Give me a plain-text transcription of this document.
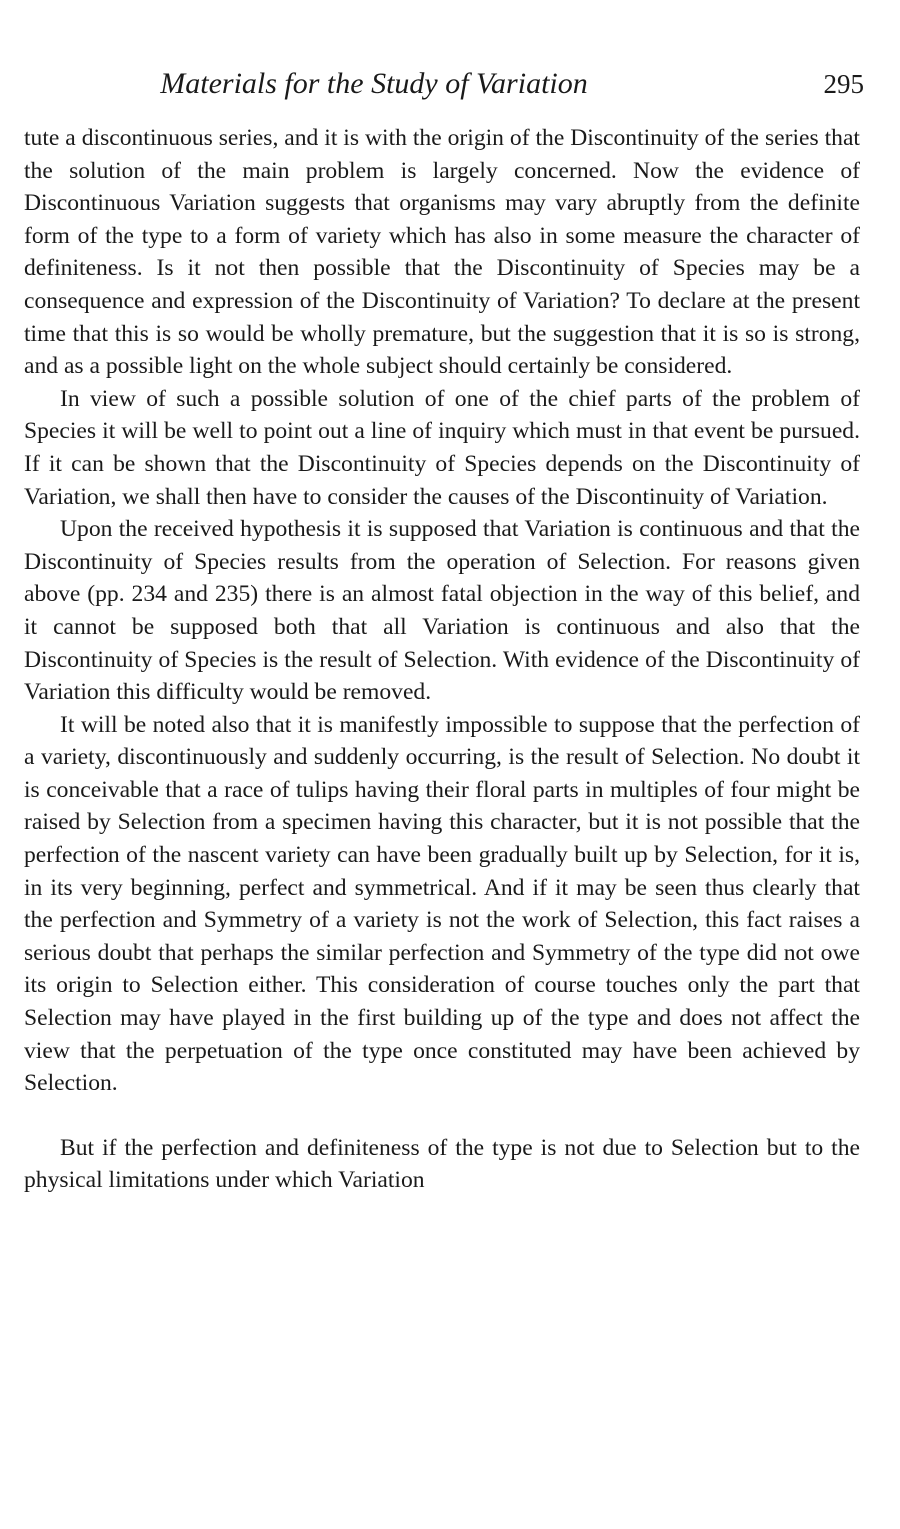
Materials for the Study of Variation	295

tute a discontinuous series, and it is with the origin of the Discontinuity of the series that the solution of the main problem is largely concerned. Now the evidence of Discontinuous Variation suggests that organisms may vary abruptly from the definite form of the type to a form of variety which has also in some measure the character of definiteness. Is it not then possible that the Discontinuity of Species may be a consequence and expression of the Discontinuity of Variation? To declare at the present time that this is so would be wholly premature, but the suggestion that it is so is strong, and as a possible light on the whole subject should certainly be considered.

In view of such a possible solution of one of the chief parts of the problem of Species it will be well to point out a line of inquiry which must in that event be pursued. If it can be shown that the Discontinuity of Species depends on the Discontinuity of Variation, we shall then have to consider the causes of the Discontinuity of Variation.

Upon the received hypothesis it is supposed that Variation is continuous and that the Discontinuity of Species results from the operation of Selection. For reasons given above (pp. 234 and 235) there is an almost fatal objection in the way of this belief, and it cannot be supposed both that all Variation is continuous and also that the Discontinuity of Species is the result of Selection. With evidence of the Discontinuity of Variation this difficulty would be removed.

It will be noted also that it is manifestly impossible to suppose that the perfection of a variety, discontinuously and suddenly occurring, is the result of Selection. No doubt it is conceivable that a race of tulips having their floral parts in multiples of four might be raised by Selection from a specimen having this character, but it is not possible that the perfection of the nascent variety can have been gradually built up by Selection, for it is, in its very beginning, perfect and symmetrical. And if it may be seen thus clearly that the perfection and Symmetry of a variety is not the work of Selection, this fact raises a serious doubt that perhaps the similar perfection and Symmetry of the type did not owe its origin to Selection either. This consideration of course touches only the part that Selection may have played in the first building up of the type and does not affect the view that the perpetuation of the type once constituted may have been achieved by Selection.

But if the perfection and definiteness of the type is not due to Selection but to the physical limitations under which Variation
